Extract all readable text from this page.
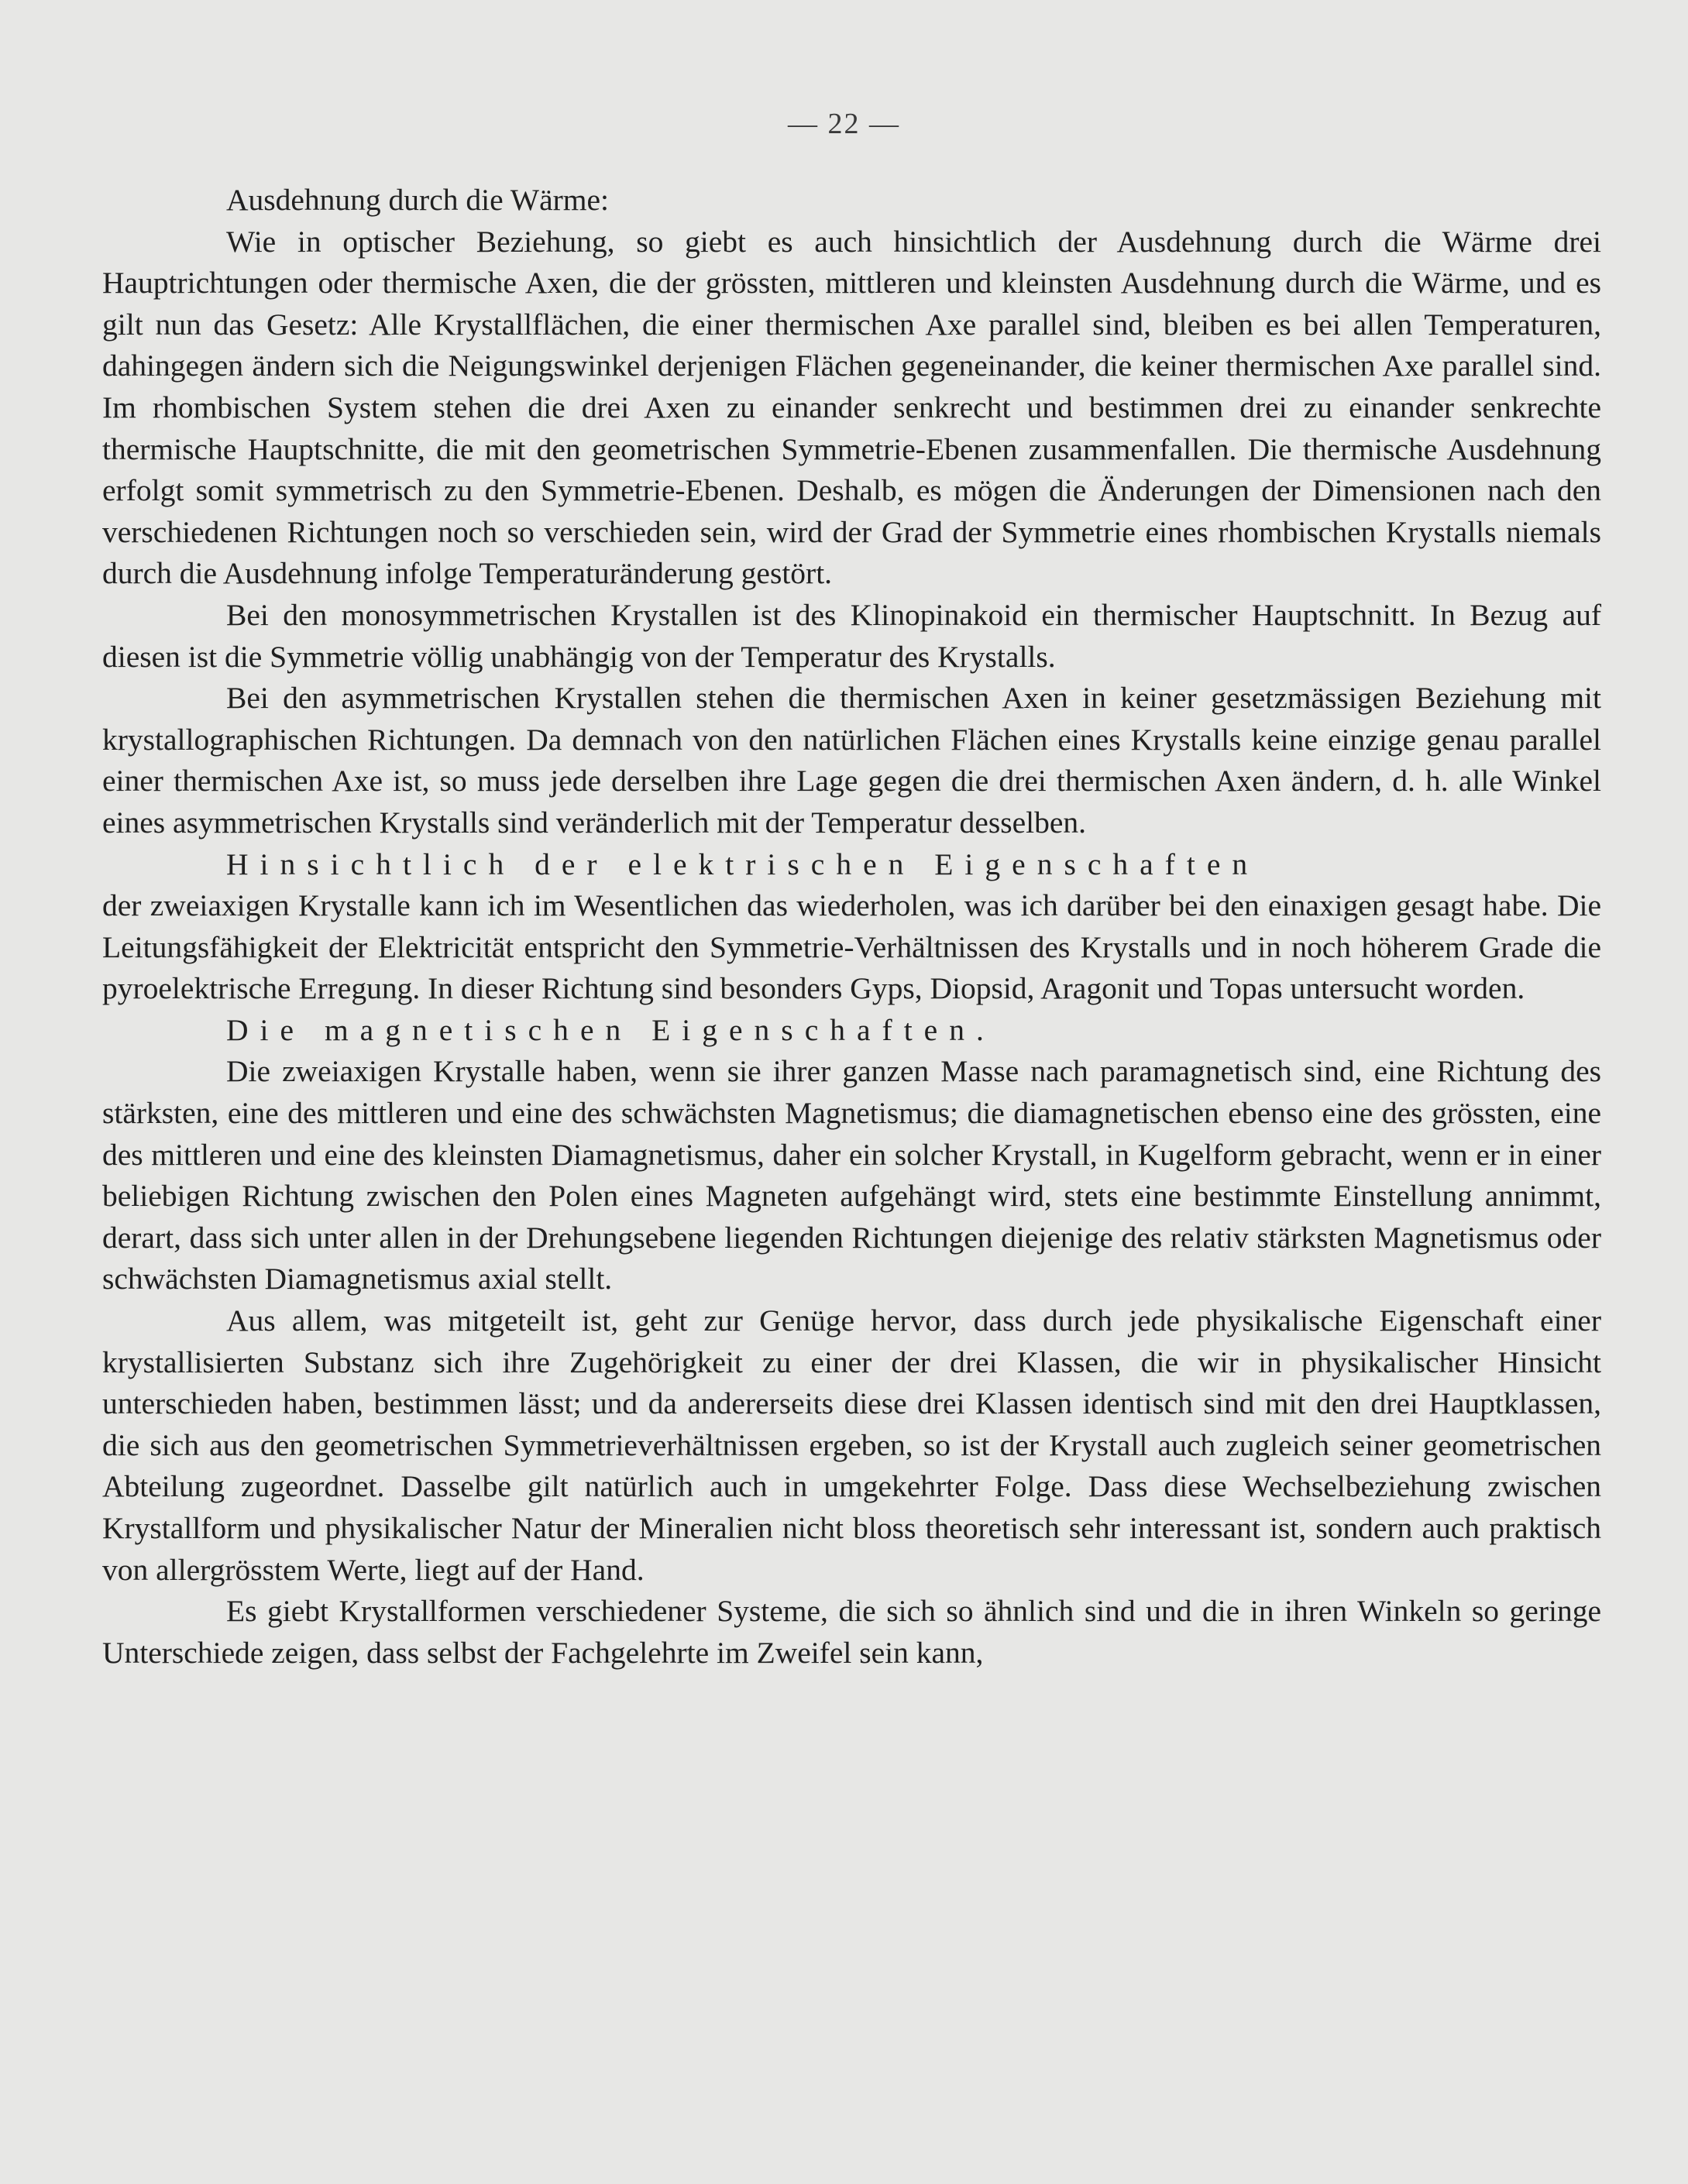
— 22 —

Ausdehnung durch die Wärme:

Wie in optischer Beziehung, so giebt es auch hinsichtlich der Ausdehnung durch die Wärme drei Hauptrichtungen oder thermische Axen, die der grössten, mittleren und kleinsten Ausdehnung durch die Wärme, und es gilt nun das Gesetz: Alle Krystallflächen, die einer thermischen Axe parallel sind, bleiben es bei allen Temperaturen, dahingegen ändern sich die Neigungswinkel derjenigen Flächen gegeneinander, die keiner thermischen Axe parallel sind. Im rhombischen System stehen die drei Axen zu einander senkrecht und bestimmen drei zu einander senkrechte thermische Hauptschnitte, die mit den geometrischen Symmetrie-Ebenen zusammenfallen. Die thermische Ausdehnung erfolgt somit symmetrisch zu den Symmetrie-Ebenen. Deshalb, es mögen die Änderungen der Dimensionen nach den verschiedenen Richtungen noch so verschieden sein, wird der Grad der Symmetrie eines rhombischen Krystalls niemals durch die Ausdehnung infolge Temperaturänderung gestört.

Bei den monosymmetrischen Krystallen ist des Klinopinakoid ein thermischer Hauptschnitt. In Bezug auf diesen ist die Symmetrie völlig unabhängig von der Temperatur des Krystalls.

Bei den asymmetrischen Krystallen stehen die thermischen Axen in keiner gesetzmässigen Beziehung mit krystallographischen Richtungen. Da demnach von den natürlichen Flächen eines Krystalls keine einzige genau parallel einer thermischen Axe ist, so muss jede derselben ihre Lage gegen die drei thermischen Axen ändern, d. h. alle Winkel eines asymmetrischen Krystalls sind veränderlich mit der Temperatur desselben.

Hinsichtlich der elektrischen Eigenschaften

der zweiaxigen Krystalle kann ich im Wesentlichen das wiederholen, was ich darüber bei den einaxigen gesagt habe. Die Leitungsfähigkeit der Elektricität entspricht den Symmetrie-Verhältnissen des Krystalls und in noch höherem Grade die pyroelektrische Erregung. In dieser Richtung sind besonders Gyps, Diopsid, Aragonit und Topas untersucht worden.

Die magnetischen Eigenschaften.

Die zweiaxigen Krystalle haben, wenn sie ihrer ganzen Masse nach paramagnetisch sind, eine Richtung des stärksten, eine des mittleren und eine des schwächsten Magnetismus; die diamagnetischen ebenso eine des grössten, eine des mittleren und eine des kleinsten Diamagnetismus, daher ein solcher Krystall, in Kugelform gebracht, wenn er in einer beliebigen Richtung zwischen den Polen eines Magneten aufgehängt wird, stets eine bestimmte Einstellung annimmt, derart, dass sich unter allen in der Drehungsebene liegenden Richtungen diejenige des relativ stärksten Magnetismus oder schwächsten Diamagnetismus axial stellt.

Aus allem, was mitgeteilt ist, geht zur Genüge hervor, dass durch jede physikalische Eigenschaft einer krystallisierten Substanz sich ihre Zugehörigkeit zu einer der drei Klassen, die wir in physikalischer Hinsicht unterschieden haben, bestimmen lässt; und da andererseits diese drei Klassen identisch sind mit den drei Hauptklassen, die sich aus den geometrischen Symmetrieverhältnissen ergeben, so ist der Krystall auch zugleich seiner geometrischen Abteilung zugeordnet. Dasselbe gilt natürlich auch in umgekehrter Folge. Dass diese Wechselbeziehung zwischen Krystallform und physikalischer Natur der Mineralien nicht bloss theoretisch sehr interessant ist, sondern auch praktisch von allergrösstem Werte, liegt auf der Hand.

Es giebt Krystallformen verschiedener Systeme, die sich so ähnlich sind und die in ihren Winkeln so geringe Unterschiede zeigen, dass selbst der Fachgelehrte im Zweifel sein kann,
